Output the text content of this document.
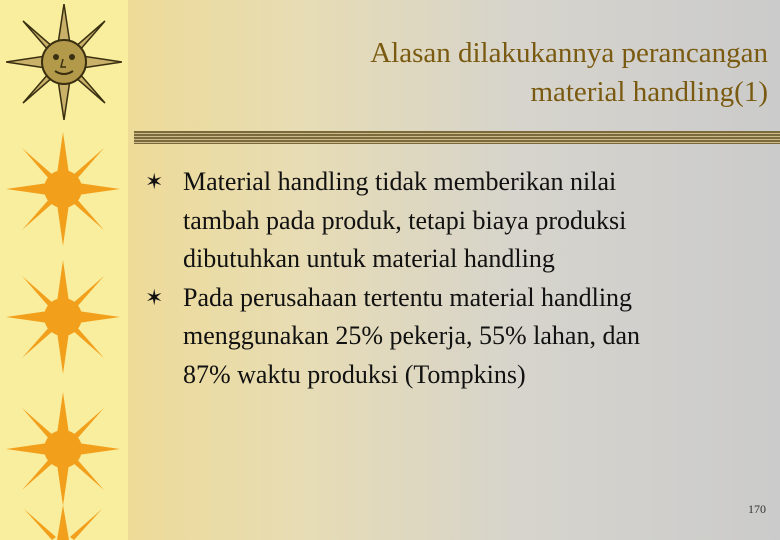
Alasan dilakukannya perancangan
material handling(1)
✶ Material handling tidak memberikan nilai
tambah pada produk, tetapi biaya produksi
dibutuhkan untuk material handling
✶ Pada perusahaan tertentu material handling
menggunakan 25% pekerja, 55% lahan, dan
87% waktu produksi (Tompkins)
170
